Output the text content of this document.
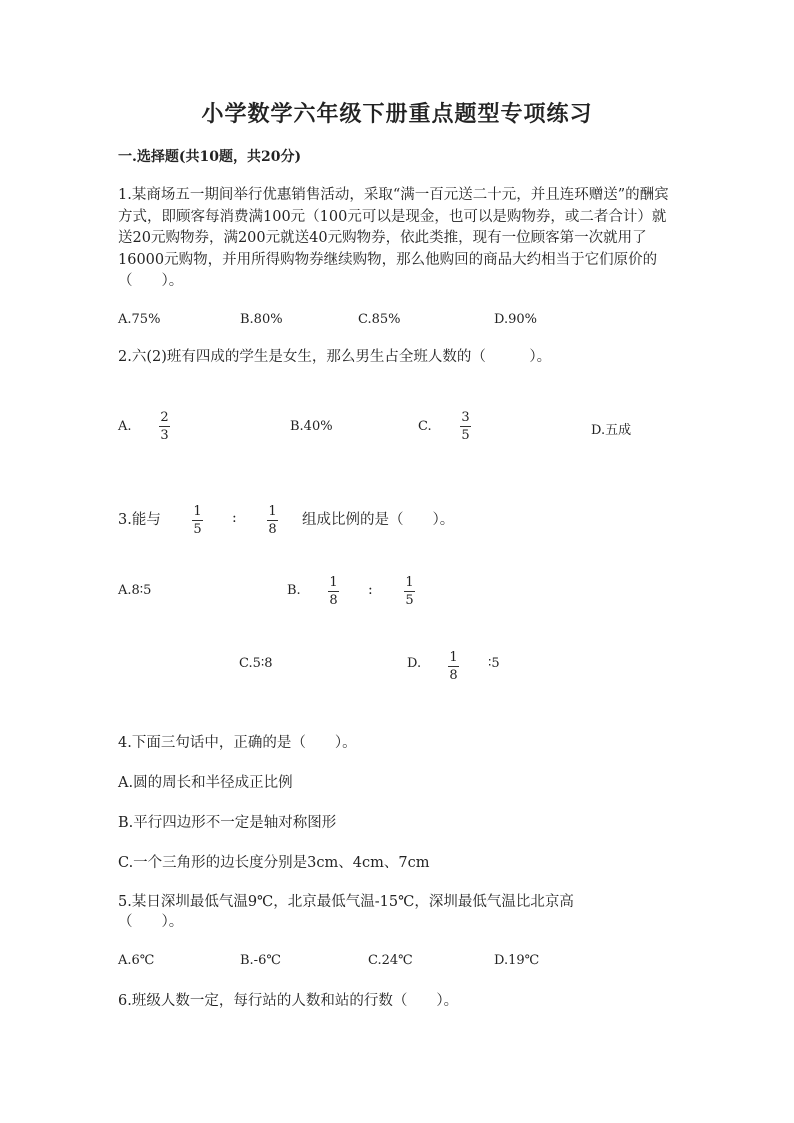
小学数学六年级下册重点题型专项练习
一.选择题(共10题，共20分)
1.某商场五一期间举行优惠销售活动，采取“满一百元送二十元，并且连环赠送”的酬宾方式，即顾客每消费满100元（100元可以是现金，也可以是购物券，或二者合计）就送20元购物券，满200元就送40元购物券，依此类推，现有一位顾客第一次就用了16000元购物，并用所得购物券继续购物，那么他购回的商品大约相当于它们原价的（　　）。
A.75%	B.80%	C.85%	D.90%
2.六(2)班有四成的学生是女生，那么男生占全班人数的（　　　）。
A.
2
3
B.40%	C.
3
5	D.五成
3.能与
1
5
: 1
8
组成比例的是（　　）。
A.8∶5	B.
1
8
:	1
5
C.5∶8	D. 1
8
∶5
4.下面三句话中，正确的是（　　）。
A.圆的周长和半径成正比例
B.平行四边形不一定是轴对称图形
C.一个三角形的边长度分别是3cm、4cm、7cm
5.某日深圳最低气温9℃，北京最低气温-15℃，深圳最低气温比北京高
（　　）。
A.6℃	B.-6℃	C.24℃	D.19℃
6.班级人数一定，每行站的人数和站的行数（　　）。
